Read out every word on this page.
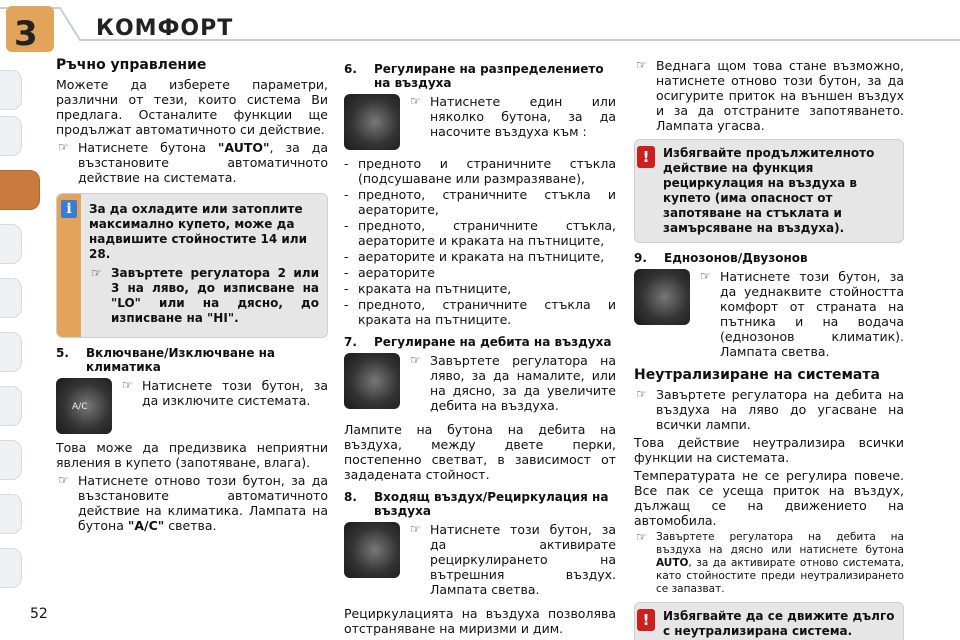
3	КОМФОРТ
Ръчно управление

Можете да изберете параметри, различни от тези, които система Ви предлага. Останалите функции ще продължат автоматичното си действие.

☞ Натиснете бутона "AUTO", за да възстановите автоматичното действие на системата.
i	За да охладите или затоплите максимално купето, може да надвишите стойностите 14 или 28.
☞ Завъртете регулатора 2 или 3 на ляво, до изписване на "LO" или на дясно, до изписване на "HI".
5. Включване/Изключване на климатика
A/C
☞ Натиснете този бутон, за да изключите системата.

Това може да предизвика неприятни явления в купето (запотяване, влага).

☞ Натиснете отново този бутон, за да възстановите автоматичното действие на климатика. Лампата на бутона "A/C" светва.
6. Регулиране на разпределението на въздуха
☞ Натиснете един или няколко бутона, за да насочите въздуха към :
- предното и страничните стъкла (подсушаване или размразяване),
- предното, страничните стъкла и аераторите,
- предното, страничните стъкла, аераторите и краката на пътниците,
- аераторите и краката на пътниците,
- аераторите
- краката на пътниците,
- предното, страничните стъкла и краката на пътниците.
7. Регулиране на дебита на въздуха
☞ Завъртете регулатора на ляво, за да намалите, или на дясно, за да увеличите дебита на въздуха.

Лампите на бутона на дебита на въздуха, между двете перки, постепенно светват, в зависимост от зададената стойност.

8. Входящ въздух/Рециркулация на въздуха
☞ Натиснете този бутон, за да активирате рециркулирането на вътрешния въздух. Лампата светва.

Рециркулацията на въздуха позволява отстраняване на миризми и дим.

☞ Веднага щом това стане възможно, натиснете отново този бутон, за да осигурите приток на външен въздух и за да отстраните запотяването. Лампата угасва.
!	Избягвайте продължителното действие на функция рециркулация на въздуха в купето (има опасност от запотяване на стъклата и замърсяване на въздуха).
9. Еднозонов/Двузонов
☞ Натиснете този бутон, за да уеднаквите стойността комфорт от страната на пътника и на водача (еднозонов климатик). Лампата светва.
Неутрализиране на системата
☞ Завъртете регулатора на дебита на въздуха на ляво до угасване на всички лампи.

Това действие неутрализира всички функции на системата.

Температурата не се регулира повече. Все пак се усеща приток на въздух, дължащ се на движението на автомобила.

☞ Завъртете регулатора на дебита на въздуха на дясно или натиснете бутона AUTO, за да активирате отново системата, като стойностите преди неутрализирането се запазват.
!	Избягвайте да се движите дълго с неутрализирана система.
52
